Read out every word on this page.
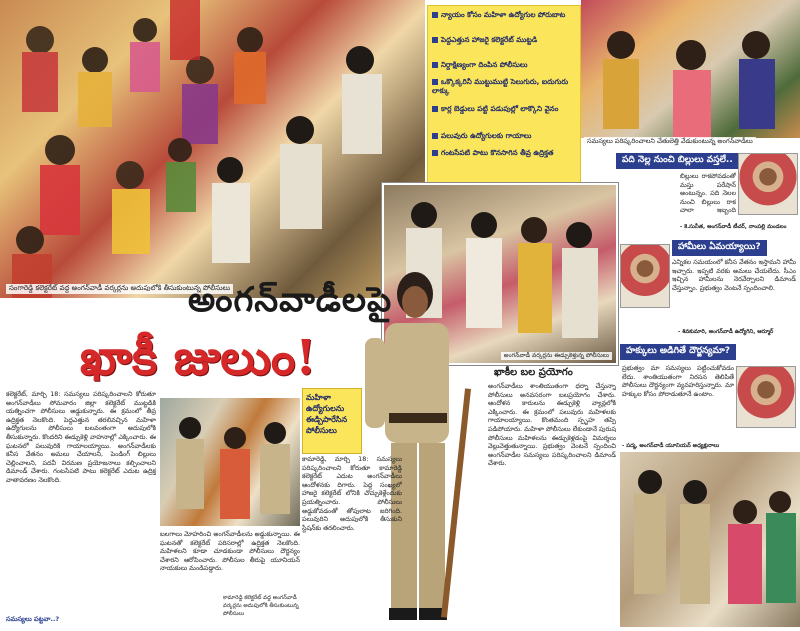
సంగారెడ్డి కలెక్టరేట్ వద్ద అంగన్‌వాడీ వర్కర్లను అదుపులోకి తీసుకుంటున్న పోలీసులు
న్యాయం కోసం మహిళా ఉద్యోగుల పోరుబాట
పెద్దఎత్తున హాజరై కలెక్టరేట్ ముట్టడి
నిర్దాక్షిణ్యంగా దింపిన పోలీసులు
ఒక్కొక్కరినీ ముట్టుముట్టి సెలుగురు, ఐదుగురు లాక్కు
కార్ల బెడ్డులు పట్టి పడుపుల్లో లాక్కొని వైనం
పలువురు ఉద్యోగులకు గాయాలు
గంటసేపటి పాటు కొనసాగిన తీవ్ర ఉద్రిక్తత
సమస్యలు పరిష్కరించాలని చేతులెత్తి వేడుకుంటున్న అంగన్‌వాడీలు
పది నెల్ల నుంచి బిల్లులు వస్తలే..
బిల్లులు రాకపోవడంతో మస్తు పరేషాన్ అంటున్నం. పది నెలల నుంచి బిల్లులు రాక చాలా ఇబ్బంది
- కె.సునీత, అంగన్‌వాడీ టీచర్, నాంపల్లి మండలం
హామీలు ఏమయ్యాయి?
ఎన్నికల సమయంలో కనీస వేతనం ఇస్తామని హామీ ఇచ్చారు. ఇప్పటి వరకు అమలు చేయలేదు. సీఎం ఇచ్చిన హామీలను నెరవేర్చాలని డిమాండ్ చేస్తున్నాం. ప్రభుత్వం వెంటనే స్పందించాలి.
- శివకుమారి, అంగన్‌వాడీ ఉద్యోగిని, ఆర్మూర్
హక్కులు అడిగితే దౌర్జన్యమా?
ప్రభుత్వం మా సమస్యలు పట్టించుకోవడం లేదు. శాంతియుతంగా నిరసన తెలిపితే పోలీసులు దౌర్జన్యంగా వ్యవహరిస్తున్నారు. మా హక్కుల కోసం పోరాడుతూనే ఉంటాం.
- పద్మ, అంగన్‌వాడీ యూనియన్ అధ్యక్షురాలు
అంగన్‌వాడీ వర్కర్లను ఈడ్చుకెళ్తున్న పోలీసులు
అంగన్‌వాడీలపై
ఖాకీ జులుం!
మహిళా ఉద్యోగులను ఈడ్చిపారేసిన పోలీసులు
కలెక్టరేట్, మార్చి 18: సమస్యలు పరిష్కరించాలని కోరుతూ అంగన్‌వాడీలు సోమవారం జిల్లా కలెక్టరేట్ ముట్టడికి యత్నించగా పోలీసులు అడ్డుకున్నారు. ఈ క్రమంలో తీవ్ర ఉద్రిక్తత నెలకొంది. పెద్దఎత్తున తరలివచ్చిన మహిళా ఉద్యోగులను పోలీసులు బలవంతంగా అదుపులోకి తీసుకున్నారు. కొందరిని ఈడ్చుకెళ్లి వాహనాల్లో ఎక్కించారు. ఈ ఘటనలో పలువురికి గాయాలయ్యాయి. అంగన్‌వాడీలకు కనీస వేతనం అమలు చేయాలని, పెండింగ్ బిల్లులు చెల్లించాలని, పదవీ విరమణ ప్రయోజనాలు కల్పించాలని డిమాండ్ చేశారు. గంటసేపటి పాటు కలెక్టరేట్ ఎదుట ఉద్రిక్త వాతావరణం నెలకొంది.
సమస్యలు పట్టవా..?
కామారెడ్డి, మార్చి 18: సమస్యలు పరిష్కరించాలని కోరుతూ కామారెడ్డి కలెక్టరేట్ ఎదుట అంగన్‌వాడీలు ఆందోళనకు దిగారు. పెద్ద సంఖ్యలో హాజరై కలెక్టరేట్ లోనికి చొచ్చుకెళ్లేందుకు ప్రయత్నించారు. పోలీసులు అడ్డుకోవడంతో తోపులాట జరిగింది. పలువురిని అదుపులోకి తీసుకుని స్టేషన్‌కు తరలించారు.
బలగాలు మోహరించి అంగన్‌వాడీలను అడ్డుకున్నాయి. ఈ ఘటనతో కలెక్టరేట్ పరిసరాల్లో ఉద్రిక్తత నెలకొంది. మహిళలని కూడా చూడకుండా పోలీసులు దౌర్జన్యం చేశారని ఆరోపించారు. పోలీసుల తీరుపై యూనియన్ నాయకులు మండిపడ్డారు.
కామారెడ్డి కలెక్టరేట్ వద్ద అంగన్‌వాడీ వర్కర్లను అదుపులోకి తీసుకుంటున్న పోలీసులు
ఖాకీల బల ప్రయోగం
అంగన్‌వాడీలు శాంతియుతంగా ధర్నా చేస్తున్నా పోలీసులు అనవసరంగా బలప్రయోగం చేశారు. ఆందోళన కారులను ఈడ్చుకెళ్లి వ్యాన్లలోకి ఎక్కించారు. ఈ క్రమంలో పలువురు మహిళలకు గాయాలయ్యాయి. కొంతమంది స్పృహ తప్పి పడిపోయారు. మహిళా పోలీసులు లేకుండానే పురుష పోలీసులు మహిళలను ఈడ్చుకెళ్లడంపై విమర్శలు వెల్లువెత్తుతున్నాయి. ప్రభుత్వం వెంటనే స్పందించి అంగన్‌వాడీల సమస్యలు పరిష్కరించాలని డిమాండ్ చేశారు.
